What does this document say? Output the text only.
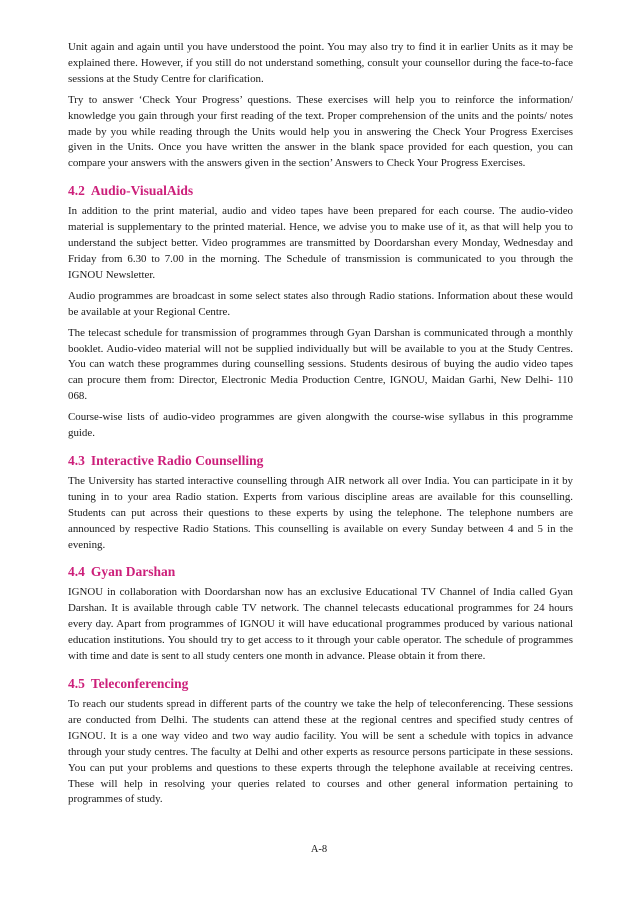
Unit again and again until you have understood the point. You may also try to find it in earlier Units as it may be explained there. However, if you still do not understand something, consult your counsellor during the face-to-face sessions at the Study Centre for clarification.

Try to answer ‘Check Your Progress’ questions. These exercises will help you to reinforce the information/ knowledge you gain through your first reading of the text. Proper comprehension of the units and the points/ notes made by you while reading through the Units would help you in answering the Check Your Progress Exercises given in the Units. Once you have written the answer in the blank space provided for each question, you can compare your answers with the answers given in the section’ Answers to Check Your Progress Exercises.

4.2 Audio-VisualAids

In addition to the print material, audio and video tapes have been prepared for each course. The audio-video material is supplementary to the printed material. Hence, we advise you to make use of it, as that will help you to understand the subject better. Video programmes are transmitted by Doordarshan every Monday, Wednesday and Friday from 6.30 to 7.00 in the morning. The Schedule of transmission is communicated to you through the IGNOU Newsletter.

Audio programmes are broadcast in some select states also through Radio stations. Information about these would be available at your Regional Centre.

The telecast schedule for transmission of programmes through Gyan Darshan is communicated through a monthly booklet. Audio-video material will not be supplied individually but will be available to you at the Study Centres. You can watch these programmes during counselling sessions. Students desirous of buying the audio video tapes can procure them from: Director, Electronic Media Production Centre, IGNOU, Maidan Garhi, New Delhi- 110 068.

Course-wise lists of audio-video programmes are given alongwith the course-wise syllabus in this programme guide.

4.3 Interactive Radio Counselling

The University has started interactive counselling through AIR network all over India. You can participate in it by tuning in to your area Radio station. Experts from various discipline areas are available for this counselling. Students can put across their questions to these experts by using the telephone. The telephone numbers are announced by respective Radio Stations. This counselling is available on every Sunday between 4 and 5 in the evening.

4.4 Gyan Darshan

IGNOU in collaboration with Doordarshan now has an exclusive Educational TV Channel of India called Gyan Darshan. It is available through cable TV network. The channel telecasts educational programmes for 24 hours every day. Apart from programmes of IGNOU it will have educational programmes produced by various national education institutions. You should try to get access to it through your cable operator. The schedule of programmes with time and date is sent to all study centers one month in advance. Please obtain it from there.

4.5 Teleconferencing

To reach our students spread in different parts of the country we take the help of teleconferencing. These sessions are conducted from Delhi. The students can attend these at the regional centres and specified study centres of IGNOU. It is a one way video and two way audio facility. You will be sent a schedule with topics in advance through your study centres. The faculty at Delhi and other experts as resource persons participate in these sessions. You can put your problems and questions to these experts through the telephone available at receiving centres. These will help in resolving your queries related to courses and other general information pertaining to programmes of study.

A-8
